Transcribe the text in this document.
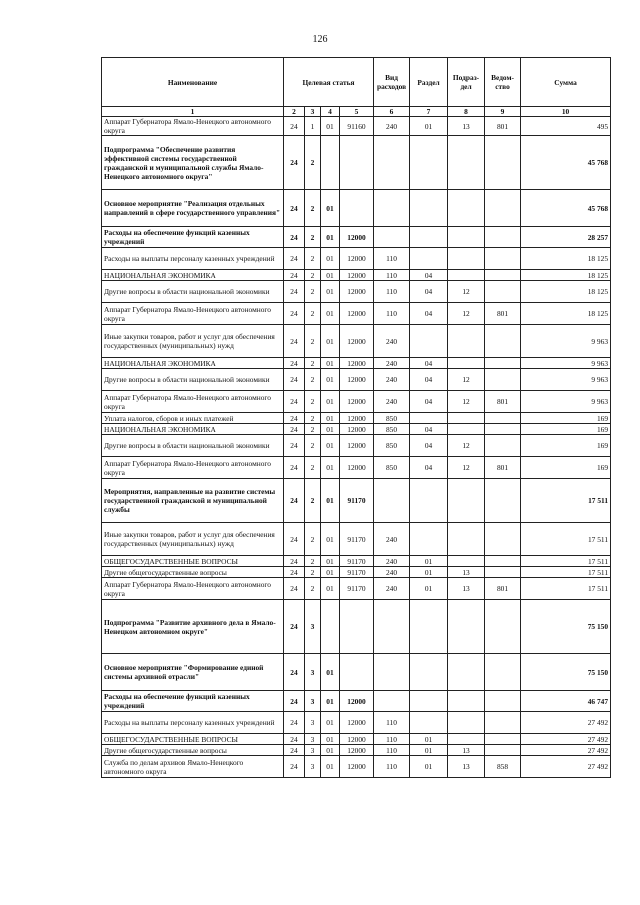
126
Наименование	Целевая статья				Вид расходов	Раздел	Подраз-дел	Ведом-ство	Сумма
1	2	3	4	5	6	7	8	9	10
Аппарат Губернатора Ямало-Ненецкого автономного округа	24	1	01	91160	240	01	13	801	495
Подпрограмма "Обеспечение развития эффективной системы государственной гражданской и муниципальной службы Ямало-Ненецкого автономного округа"	24	2							45 768
Основное мероприятие "Реализация отдельных направлений в сфере государственного управления"	24	2	01						45 768
Расходы на обеспечение функций казенных учреждений	24	2	01	12000					28 257
Расходы на выплаты персоналу казенных учреждений	24	2	01	12000	110				18 125
НАЦИОНАЛЬНАЯ ЭКОНОМИКА	24	2	01	12000	110	04			18 125
Другие вопросы в области национальной экономики	24	2	01	12000	110	04	12		18 125
Аппарат Губернатора Ямало-Ненецкого автономного округа	24	2	01	12000	110	04	12	801	18 125
Иные закупки товаров, работ и услуг для обеспечения государственных (муниципальных) нужд	24	2	01	12000	240				9 963
НАЦИОНАЛЬНАЯ ЭКОНОМИКА	24	2	01	12000	240	04			9 963
Другие вопросы в области национальной экономики	24	2	01	12000	240	04	12		9 963
Аппарат Губернатора Ямало-Ненецкого автономного округа	24	2	01	12000	240	04	12	801	9 963
Уплата налогов, сборов и иных платежей	24	2	01	12000	850				169
НАЦИОНАЛЬНАЯ ЭКОНОМИКА	24	2	01	12000	850	04			169
Другие вопросы в области национальной экономики	24	2	01	12000	850	04	12		169
Аппарат Губернатора Ямало-Ненецкого автономного округа	24	2	01	12000	850	04	12	801	169
Мероприятия, направленные на развитие системы государственной гражданской и муниципальной службы	24	2	01	91170					17 511
Иные закупки товаров, работ и услуг для обеспечения государственных (муниципальных) нужд	24	2	01	91170	240				17 511
ОБЩЕГОСУДАРСТВЕННЫЕ ВОПРОСЫ	24	2	01	91170	240	01			17 511
Другие общегосударственные вопросы	24	2	01	91170	240	01	13		17 511
Аппарат Губернатора Ямало-Ненецкого автономного округа	24	2	01	91170	240	01	13	801	17 511
Подпрограмма "Развитие архивного дела в Ямало-Ненецком автономном округе"	24	3							75 150
Основное мероприятие "Формирование единой системы архивной отрасли"	24	3	01						75 150
Расходы на обеспечение функций казенных учреждений	24	3	01	12000					46 747
Расходы на выплаты персоналу казенных учреждений	24	3	01	12000	110				27 492
ОБЩЕГОСУДАРСТВЕННЫЕ ВОПРОСЫ	24	3	01	12000	110	01			27 492
Другие общегосударственные вопросы	24	3	01	12000	110	01	13		27 492
Служба по делам архивов Ямало-Ненецкого автономного округа	24	3	01	12000	110	01	13	858	27 492
